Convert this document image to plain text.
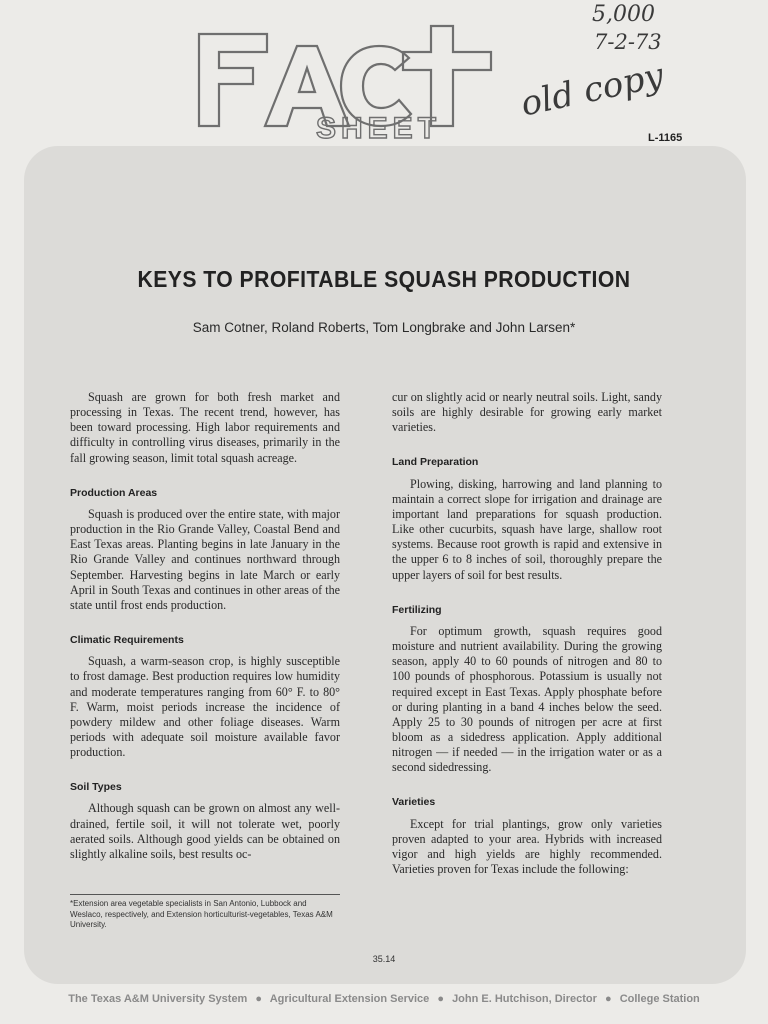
SHEET

5,000

7-2-73

old copy

L-1165

KEYS TO PROFITABLE SQUASH PRODUCTION

Sam Cotner, Roland Roberts, Tom Longbrake and John Larsen*

Squash are grown for both fresh market and processing in Texas. The recent trend, however, has been toward processing. High labor requirements and difficulty in controlling virus diseases, primarily in the fall growing season, limit total squash acreage.

Production Areas

Squash is produced over the entire state, with major production in the Rio Grande Valley, Coastal Bend and East Texas areas. Planting begins in late January in the Rio Grande Valley and continues northward through September. Harvesting begins in late March or early April in South Texas and continues in other areas of the state until frost ends production.

Climatic Requirements

Squash, a warm-season crop, is highly susceptible to frost damage. Best production requires low humidity and moderate temperatures ranging from 60° F. to 80° F. Warm, moist periods increase the incidence of powdery mildew and other foliage diseases. Warm periods with adequate soil moisture available favor production.

Soil Types

Although squash can be grown on almost any well-drained, fertile soil, it will not tolerate wet, poorly aerated soils. Although good yields can be obtained on slightly alkaline soils, best results oc-

cur on slightly acid or nearly neutral soils. Light, sandy soils are highly desirable for growing early market varieties.

Land Preparation

Plowing, disking, harrowing and land planning to maintain a correct slope for irrigation and drainage are important land preparations for squash production. Like other cucurbits, squash have large, shallow root systems. Because root growth is rapid and extensive in the upper 6 to 8 inches of soil, thoroughly prepare the upper layers of soil for best results.

Fertilizing

For optimum growth, squash requires good moisture and nutrient availability. During the growing season, apply 40 to 60 pounds of nitrogen and 80 to 100 pounds of phosphorous. Potassium is usually not required except in East Texas. Apply phosphate before or during planting in a band 4 inches below the seed. Apply 25 to 30 pounds of nitrogen per acre at first bloom as a sidedress application. Apply additional nitrogen — if needed — in the irrigation water or as a second sidedressing.

Varieties

Except for trial plantings, grow only varieties proven adapted to your area. Hybrids with increased vigor and high yields are highly recommended. Varieties proven for Texas include the following:

*Extension area vegetable specialists in San Antonio, Lubbock and Weslaco, respectively, and Extension horticulturist-vegetables, Texas A&M University.

35.14

The Texas A&M University System ● Agricultural Extension Service ● John E. Hutchison, Director ● College Station
